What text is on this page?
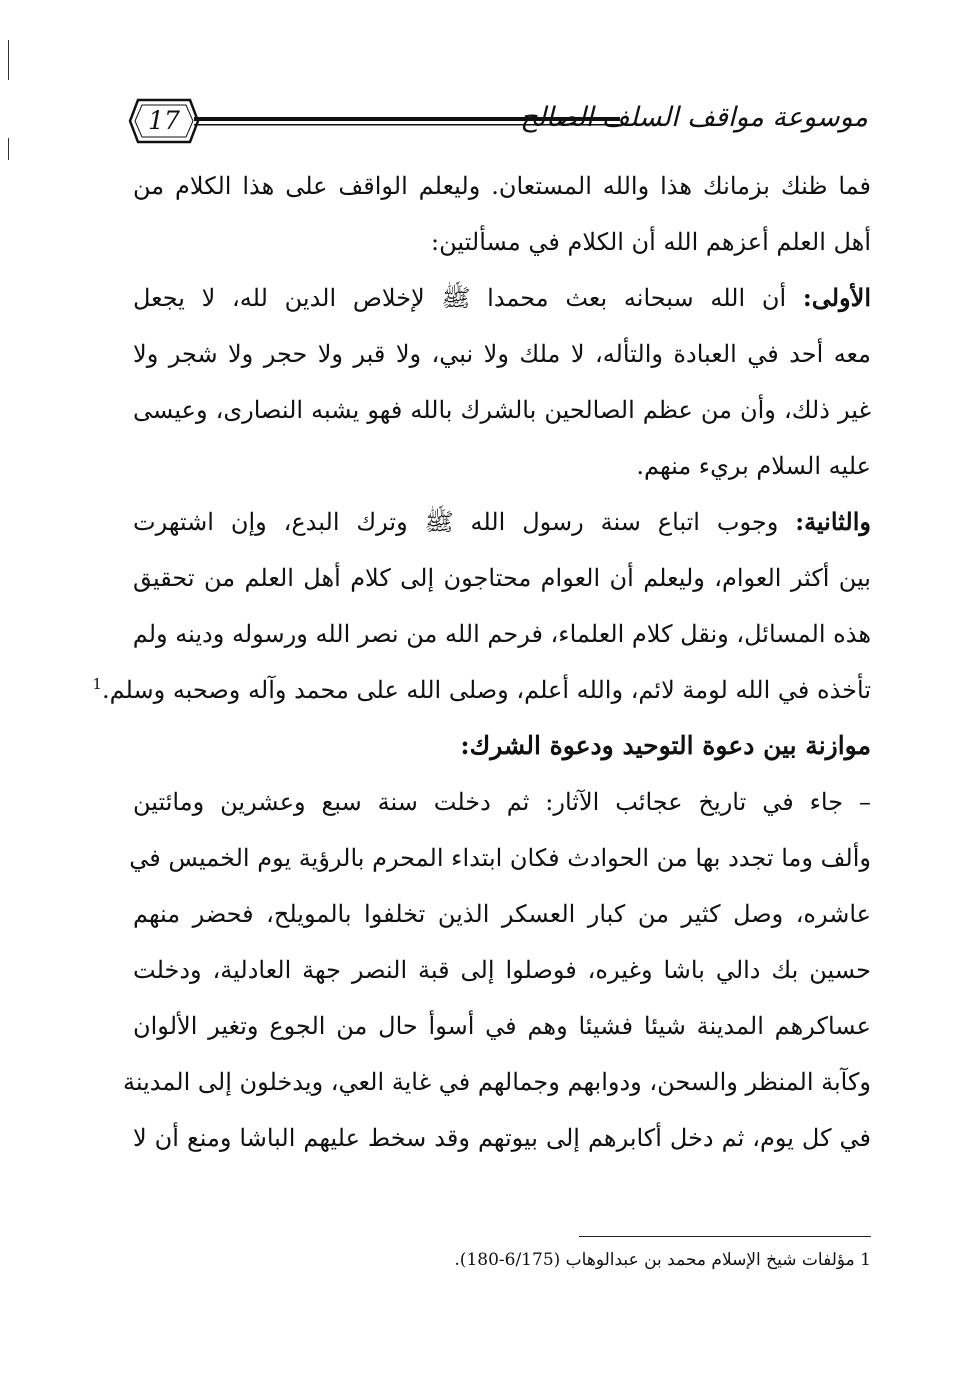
17	موسوعة مواقف السلف الصالح
فما ظنك بزمانك هذا والله المستعان. وليعلم الواقف على هذا الكلام من
أهل العلم أعزهم الله أن الكلام في مسألتين:
الأولى: أن الله سبحانه بعث محمدا ﷺ لإخلاص الدين لله، لا يجعل
معه أحد في العبادة والتأله، لا ملك ولا نبي، ولا قبر ولا حجر ولا شجر ولا
غير ذلك، وأن من عظم الصالحين بالشرك بالله فهو يشبه النصارى، وعيسى
عليه السلام بريء منهم.
والثانية: وجوب اتباع سنة رسول الله ﷺ وترك البدع، وإن اشتهرت
بين أكثر العوام، وليعلم أن العوام محتاجون إلى كلام أهل العلم من تحقيق
هذه المسائل، ونقل كلام العلماء، فرحم الله من نصر الله ورسوله ودينه ولم
تأخذه في الله لومة لائم، والله أعلم، وصلى الله على محمد وآله وصحبه وسلم.$^1$
موازنة بين دعوة التوحيد ودعوة الشرك:
– جاء في تاريخ عجائب الآثار: ثم دخلت سنة سبع وعشرين ومائتين
وألف وما تجدد بها من الحوادث فكان ابتداء المحرم بالرؤية يوم الخميس في
عاشره، وصل كثير من كبار العسكر الذين تخلفوا بالمويلح، فحضر منهم
حسين بك دالي باشا وغيره، فوصلوا إلى قبة النصر جهة العادلية، ودخلت
عساكرهم المدينة شيئا فشيئا وهم في أسوأ حال من الجوع وتغير الألوان
وكآبة المنظر والسحن، ودوابهم وجمالهم في غاية العي، ويدخلون إلى المدينة
في كل يوم، ثم دخل أكابرهم إلى بيوتهم وقد سخط عليهم الباشا ومنع أن لا
1 مؤلفات شيخ الإسلام محمد بن عبدالوهاب (6/175-180).
